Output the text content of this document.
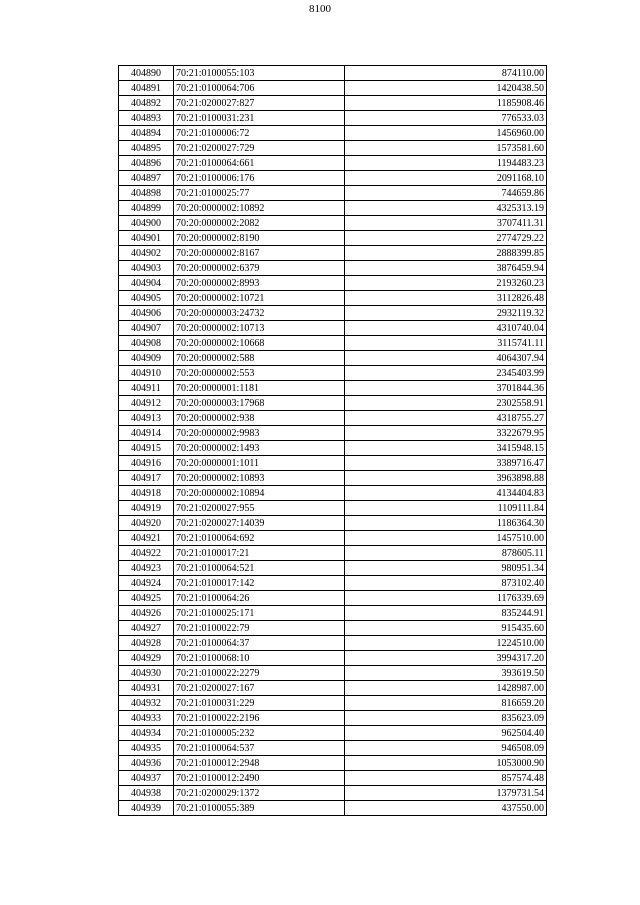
8100
404890	70:21:0100055:103	874110.00
404891	70:21:0100064:706	1420438.50
404892	70:21:0200027:827	1185908.46
404893	70:21:0100031:231	776533.03
404894	70:21:0100006:72	1456960.00
404895	70:21:0200027:729	1573581.60
404896	70:21:0100064:661	1194483.23
404897	70:21:0100006:176	2091168.10
404898	70:21:0100025:77	744659.86
404899	70:20:0000002:10892	4325313.19
404900	70:20:0000002:2082	3707411.31
404901	70:20:0000002:8190	2774729.22
404902	70:20:0000002:8167	2888399.85
404903	70:20:0000002:6379	3876459.94
404904	70:20:0000002:8993	2193260.23
404905	70:20:0000002:10721	3112826.48
404906	70:20:0000003:24732	2932119.32
404907	70:20:0000002:10713	4310740.04
404908	70:20:0000002:10668	3115741.11
404909	70:20:0000002:588	4064307.94
404910	70:20:0000002:553	2345403.99
404911	70:20:0000001:1181	3701844.36
404912	70:20:0000003:17968	2302558.91
404913	70:20:0000002:938	4318755.27
404914	70:20:0000002:9983	3322679.95
404915	70:20:0000002:1493	3415948.15
404916	70:20:0000001:1011	3389716.47
404917	70:20:0000002:10893	3963898.88
404918	70:20:0000002:10894	4134404.83
404919	70:21:0200027:955	1109111.84
404920	70:21:0200027:14039	1186364.30
404921	70:21:0100064:692	1457510.00
404922	70:21:0100017:21	878605.11
404923	70:21:0100064:521	980951.34
404924	70:21:0100017:142	873102.40
404925	70:21:0100064:26	1176339.69
404926	70:21:0100025:171	835244.91
404927	70:21:0100022:79	915435.60
404928	70:21:0100064:37	1224510.00
404929	70:21:0100068:10	3994317.20
404930	70:21:0100022:2279	393619.50
404931	70:21:0200027:167	1428987.00
404932	70:21:0100031:229	816659.20
404933	70:21:0100022:2196	835623.09
404934	70:21:0100005:232	962504.40
404935	70:21:0100064:537	946508.09
404936	70:21:0100012:2948	1053000.90
404937	70:21:0100012:2490	857574.48
404938	70:21:0200029:1372	1379731.54
404939	70:21:0100055:389	437550.00
